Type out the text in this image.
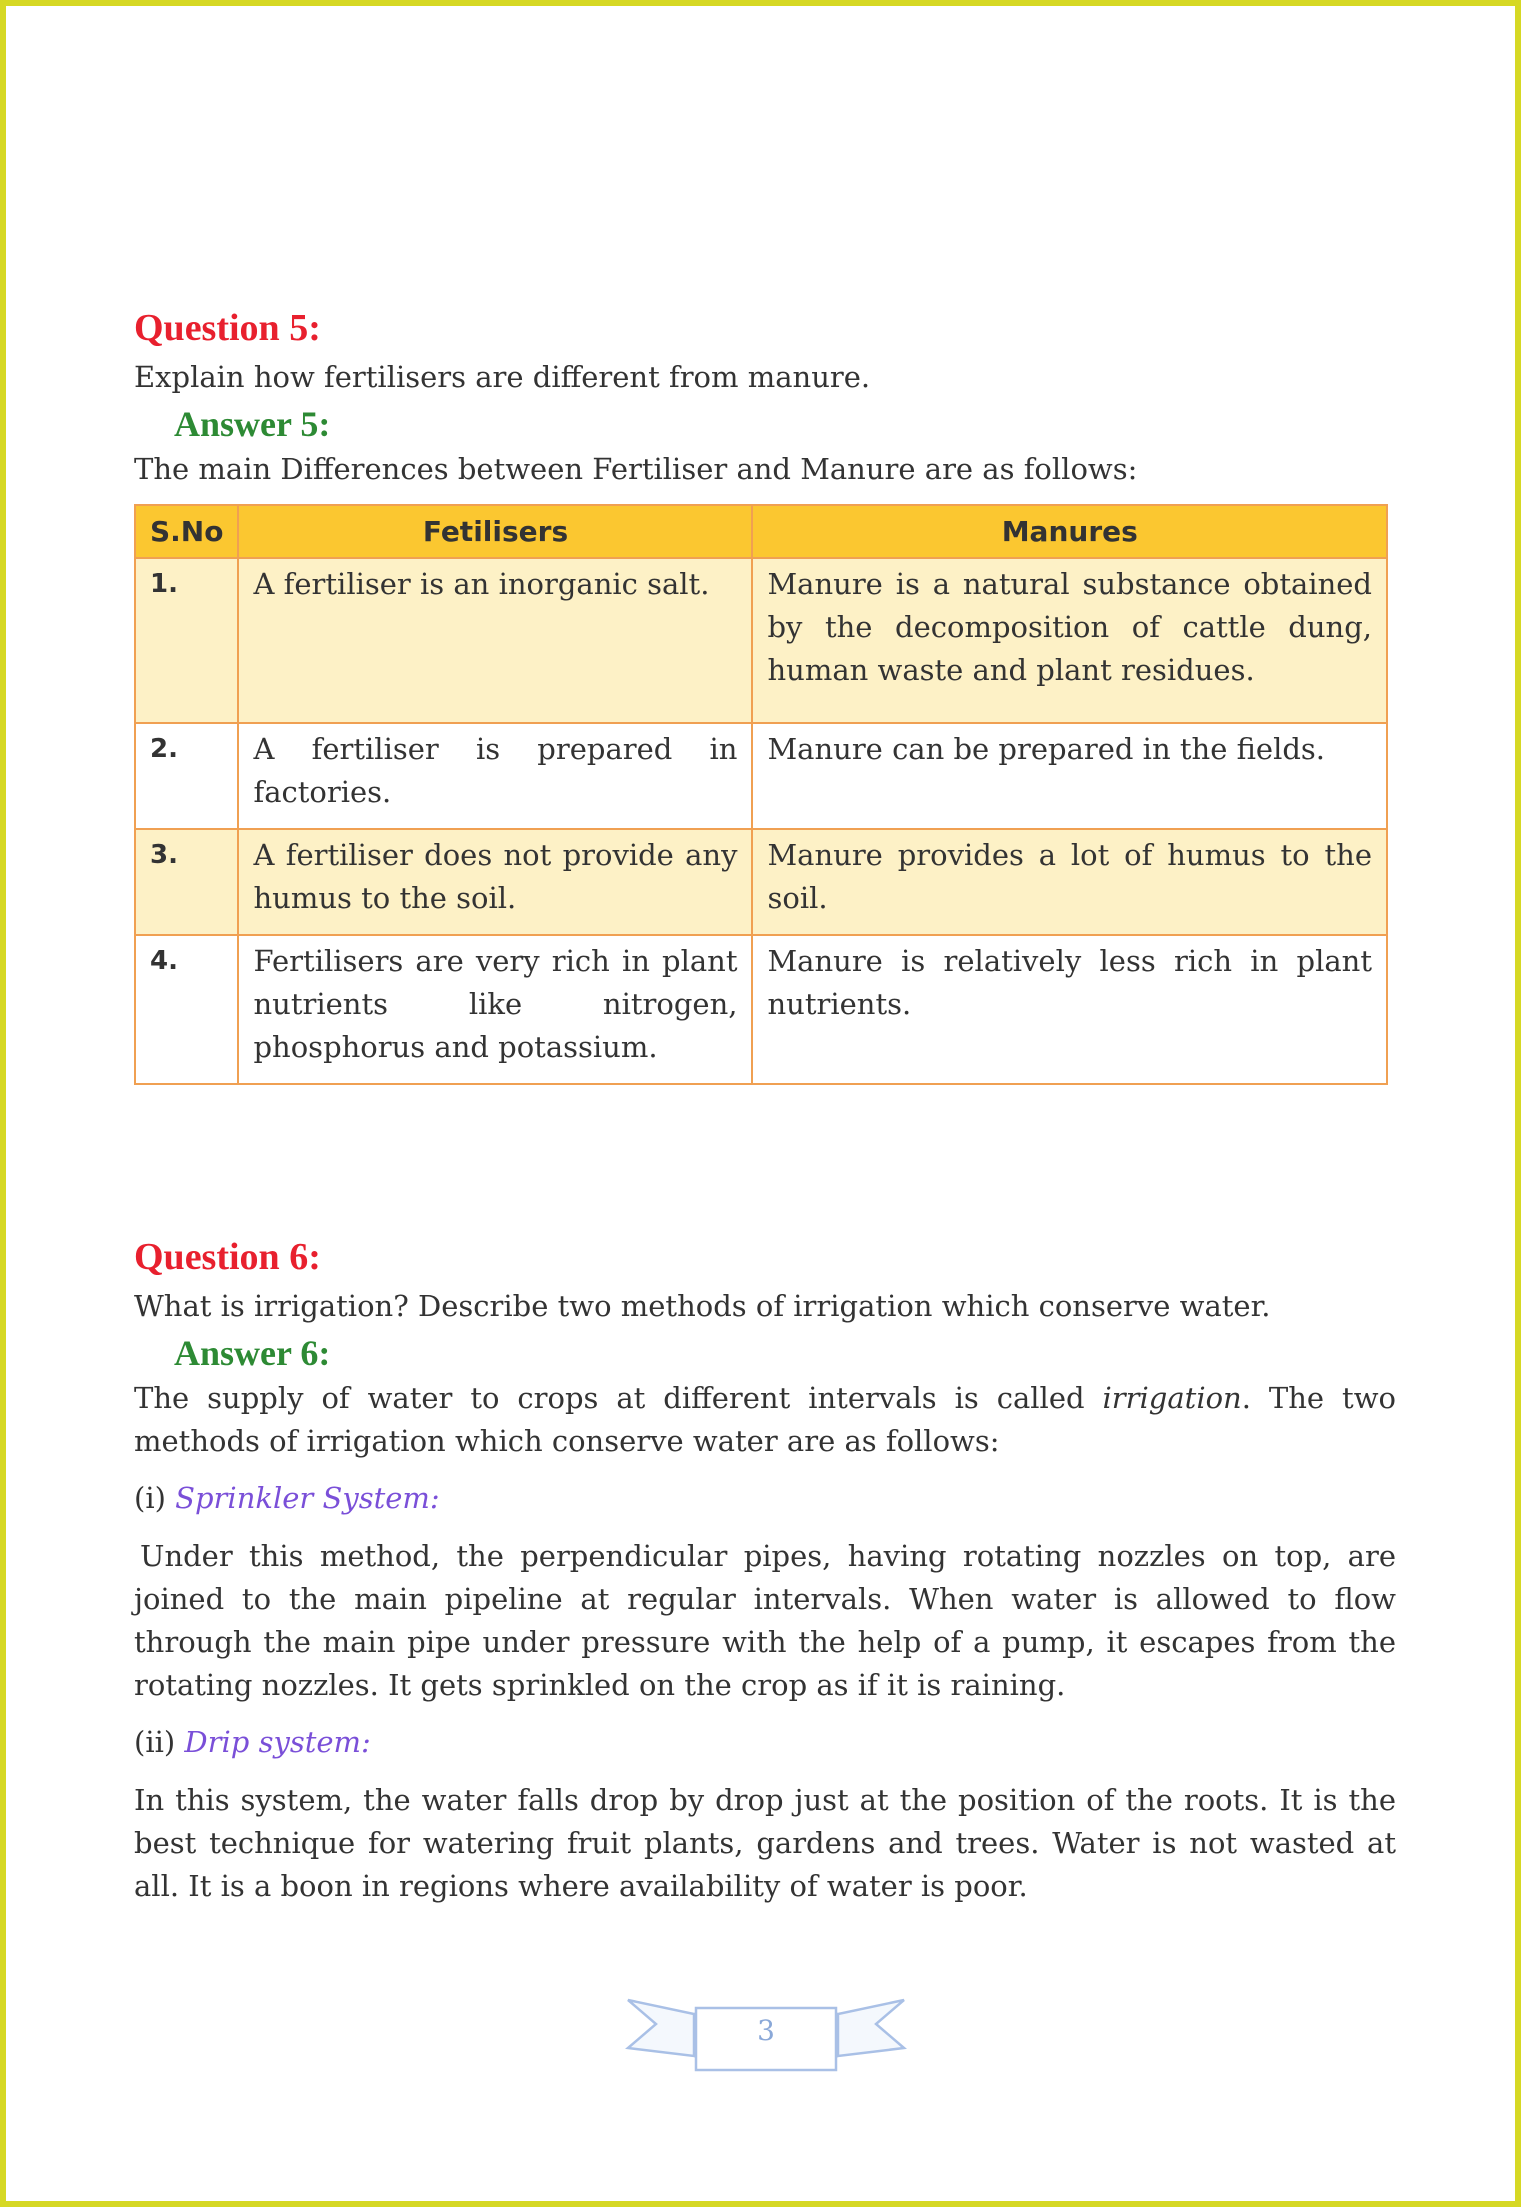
Question 5:

Explain how fertilisers are different from manure.

Answer 5:

The main Differences between Fertiliser and Manure are as follows:

S.No	Fetilisers	Manures
1.	A fertiliser is an inorganic salt.	Manure is a natural substance obtained by the decomposition of cattle dung, human waste and plant residues.
2.	A fertiliser is prepared in factories.	Manure can be prepared in the fields.
3.	A fertiliser does not provide any humus to the soil.	Manure provides a lot of humus to the soil.
4.	Fertilisers are very rich in plant nutrients like nitrogen, phosphorus and potassium.	Manure is relatively less rich in plant nutrients.
Question 6:

What is irrigation? Describe two methods of irrigation which conserve water.

Answer 6:

The supply of water to crops at different intervals is called irrigation. The two methods of irrigation which conserve water are as follows:

(i) Sprinkler System:

Under this method, the perpendicular pipes, having rotating nozzles on top, are joined to the main pipeline at regular intervals. When water is allowed to flow through the main pipe under pressure with the help of a pump, it escapes from the rotating nozzles. It gets sprinkled on the crop as if it is raining.

(ii) Drip system:

In this system, the water falls drop by drop just at the position of the roots. It is the best technique for watering fruit plants, gardens and trees. Water is not wasted at all. It is a boon in regions where availability of water is poor.

3
